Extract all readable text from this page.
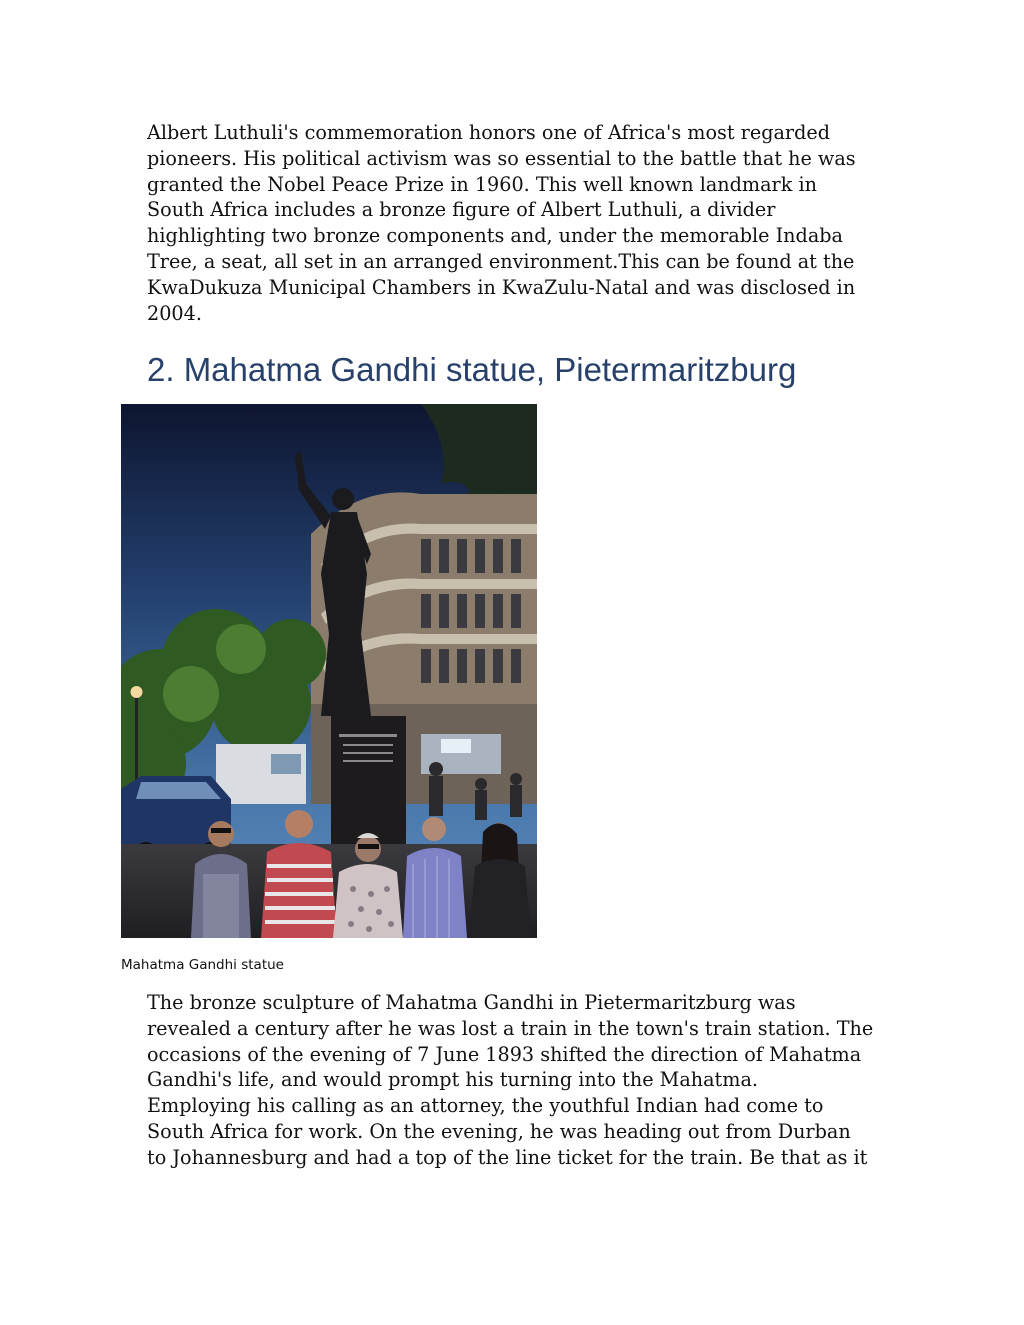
Albert Luthuli's commemoration honors one of Africa's most regarded
pioneers. His political activism was so essential to the battle that he was
granted the Nobel Peace Prize in 1960. This well known landmark in
South Africa includes a bronze figure of Albert Luthuli, a divider
highlighting two bronze components and, under the memorable Indaba
Tree, a seat, all set in an arranged environment.This can be found at the
KwaDukuza Municipal Chambers in KwaZulu-Natal and was disclosed in
2004.

2. Mahatma Gandhi statue, Pietermaritzburg

Mahatma Gandhi statue

The bronze sculpture of Mahatma Gandhi in Pietermaritzburg was
revealed a century after he was lost a train in the town's train station. The
occasions of the evening of 7 June 1893 shifted the direction of Mahatma
Gandhi's life, and would prompt his turning into the Mahatma.
Employing his calling as an attorney, the youthful Indian had come to
South Africa for work. On the evening, he was heading out from Durban
to Johannesburg and had a top of the line ticket for the train. Be that as it
